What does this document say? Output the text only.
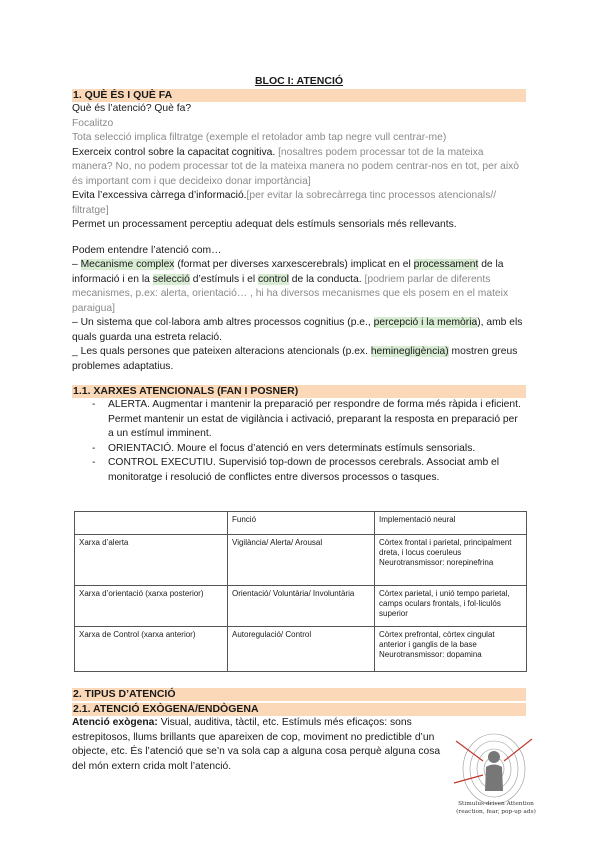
BLOC I: ATENCIÓ
1. QUÈ ÉS I QUÈ FA
Què és l’atenció? Què fa?
Focalitzo
Tota selecció implica filtratge (exemple el retolador amb tap negre vull centrar-me)
Exerceix control sobre la capacitat cognitiva. [nosaltres podem processar tot de la mateixa manera? No, no podem processar tot de la mateixa manera no podem centrar-nos en tot, per això és important com i que decideixo donar importància]
Evita l’excessiva càrrega d’informació.[per evitar la sobrecàrrega tinc processos atencionals// filtratge]
Permet un processament perceptiu adequat dels estímuls sensorials més rellevants.
Podem entendre l’atenció com…
– Mecanisme complex (format per diverses xarxescerebrals) implicat en el processament de la informació i en la selecció d’estímuls i el control de la conducta. [podriem parlar de diferents mecanismes, p.ex: alerta, orientació… , hi ha diversos mecanismes que els posem en el mateix paraigua]
– Un sistema que col·labora amb altres processos cognitius (p.e., percepció i la memòria), amb els quals guarda una estreta relació.
_ Les quals persones que pateixen alteracions atencionals (p.ex. heminegligència) mostren greus problemes adaptatius.
1.1. XARXES ATENCIONALS (FAN I POSNER)
- ALERTA. Augmentar i mantenir la preparació per respondre de forma més ràpida i eficient. Permet mantenir un estat de vigilància i activació, preparant la resposta en preparació per a un estímul imminent.
- ORIENTACIÓ. Moure el focus d’atenció en vers determinats estímuls sensorials.
- CONTROL EXECUTIU. Supervisió top-down de processos cerebrals. Associat amb el monitoratge i resolució de conflictes entre diversos processos o tasques.
	Funció	Implementació neural
Xarxa d’alerta	Vigilància/ Alerta/ Arousal	Còrtex frontal i parietal, principalment dreta, i locus coeruleus
Neurotransmissor: norepinefrina

Xarxa d’orientació (xarxa posterior)	Orientació/ Voluntària/ Involuntària	Còrtex parietal, i unió tempo parietal, camps oculars frontals, i fol·liculós superior

Xarxa de Control (xarxa anterior)	Autoregulació/ Control	Còrtex prefrontal, còrtex cingulat anterior i ganglis de la base
Neurotransmissor: dopamina
2. TIPUS D’ATENCIÓ
2.1. ATENCIÓ EXÒGENA/ENDÒGENA
Atenció exògena: Visual, auditiva, tàctil, etc. Estímuls més eficaços: sons estrepitosos, llums brillants que apareixen de cop, moviment no predictible d’un objecte, etc. És l’atenció que se’n va sola cap a alguna cosa perquè alguna cosa del món extern crida molt l’atenció.
Stimulus-driven Attention
(reaction, fear, pop-up ads)
